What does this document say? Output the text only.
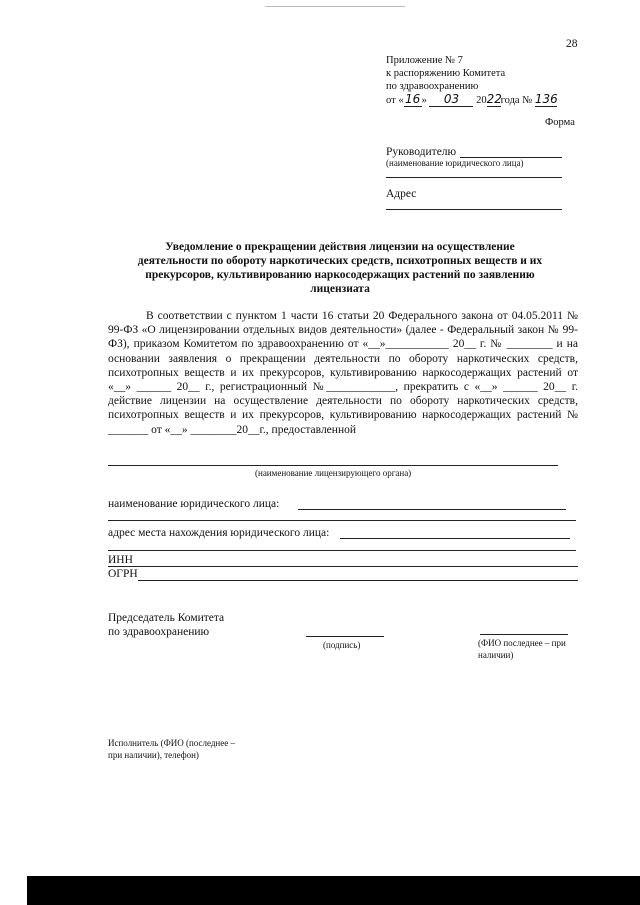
28
Приложение № 7
к распоряжению Комитета
по здравоохранению
от «16» 03 2022года № 136
Форма
Руководителю
(наименование юридического лица)
Адрес
Уведомление о прекращении действия лицензии на осуществление деятельности по обороту наркотических средств, психотропных веществ и их прекурсоров, культивированию наркосодержащих растений по заявлению лицензиата

В соответствии с пунктом 1 части 16 статьи 20 Федерального закона от 04.05.2011 № 99-ФЗ «О лицензировании отдельных видов деятельности» (далее - Федеральный закон № 99-ФЗ), приказом Комитетом по здравоохранению от «__»___________ 20__ г. № ________ и на основании заявления о прекращении деятельности по обороту наркотических средств, психотропных веществ и их прекурсоров, культивированию наркосодержащих растений от «__» ______ 20__ г., регистрационный №____________, прекратить с «__» ______ 20__ г. действие лицензии на осуществление деятельности по обороту наркотических средств, психотропных веществ и их прекурсоров, культивированию наркосодержащих растений № _______ от «__» ________20__г., предоставленной

(наименование лицензирующего органа)
наименование юридического лица:
адрес места нахождения юридического лица:
ИНН
ОГРН
Председатель Комитета
по здравоохранению
(подпись)	(ФИО последнее – при
наличии)
Исполнитель (ФИО (последнее –
при наличии), телефон)
